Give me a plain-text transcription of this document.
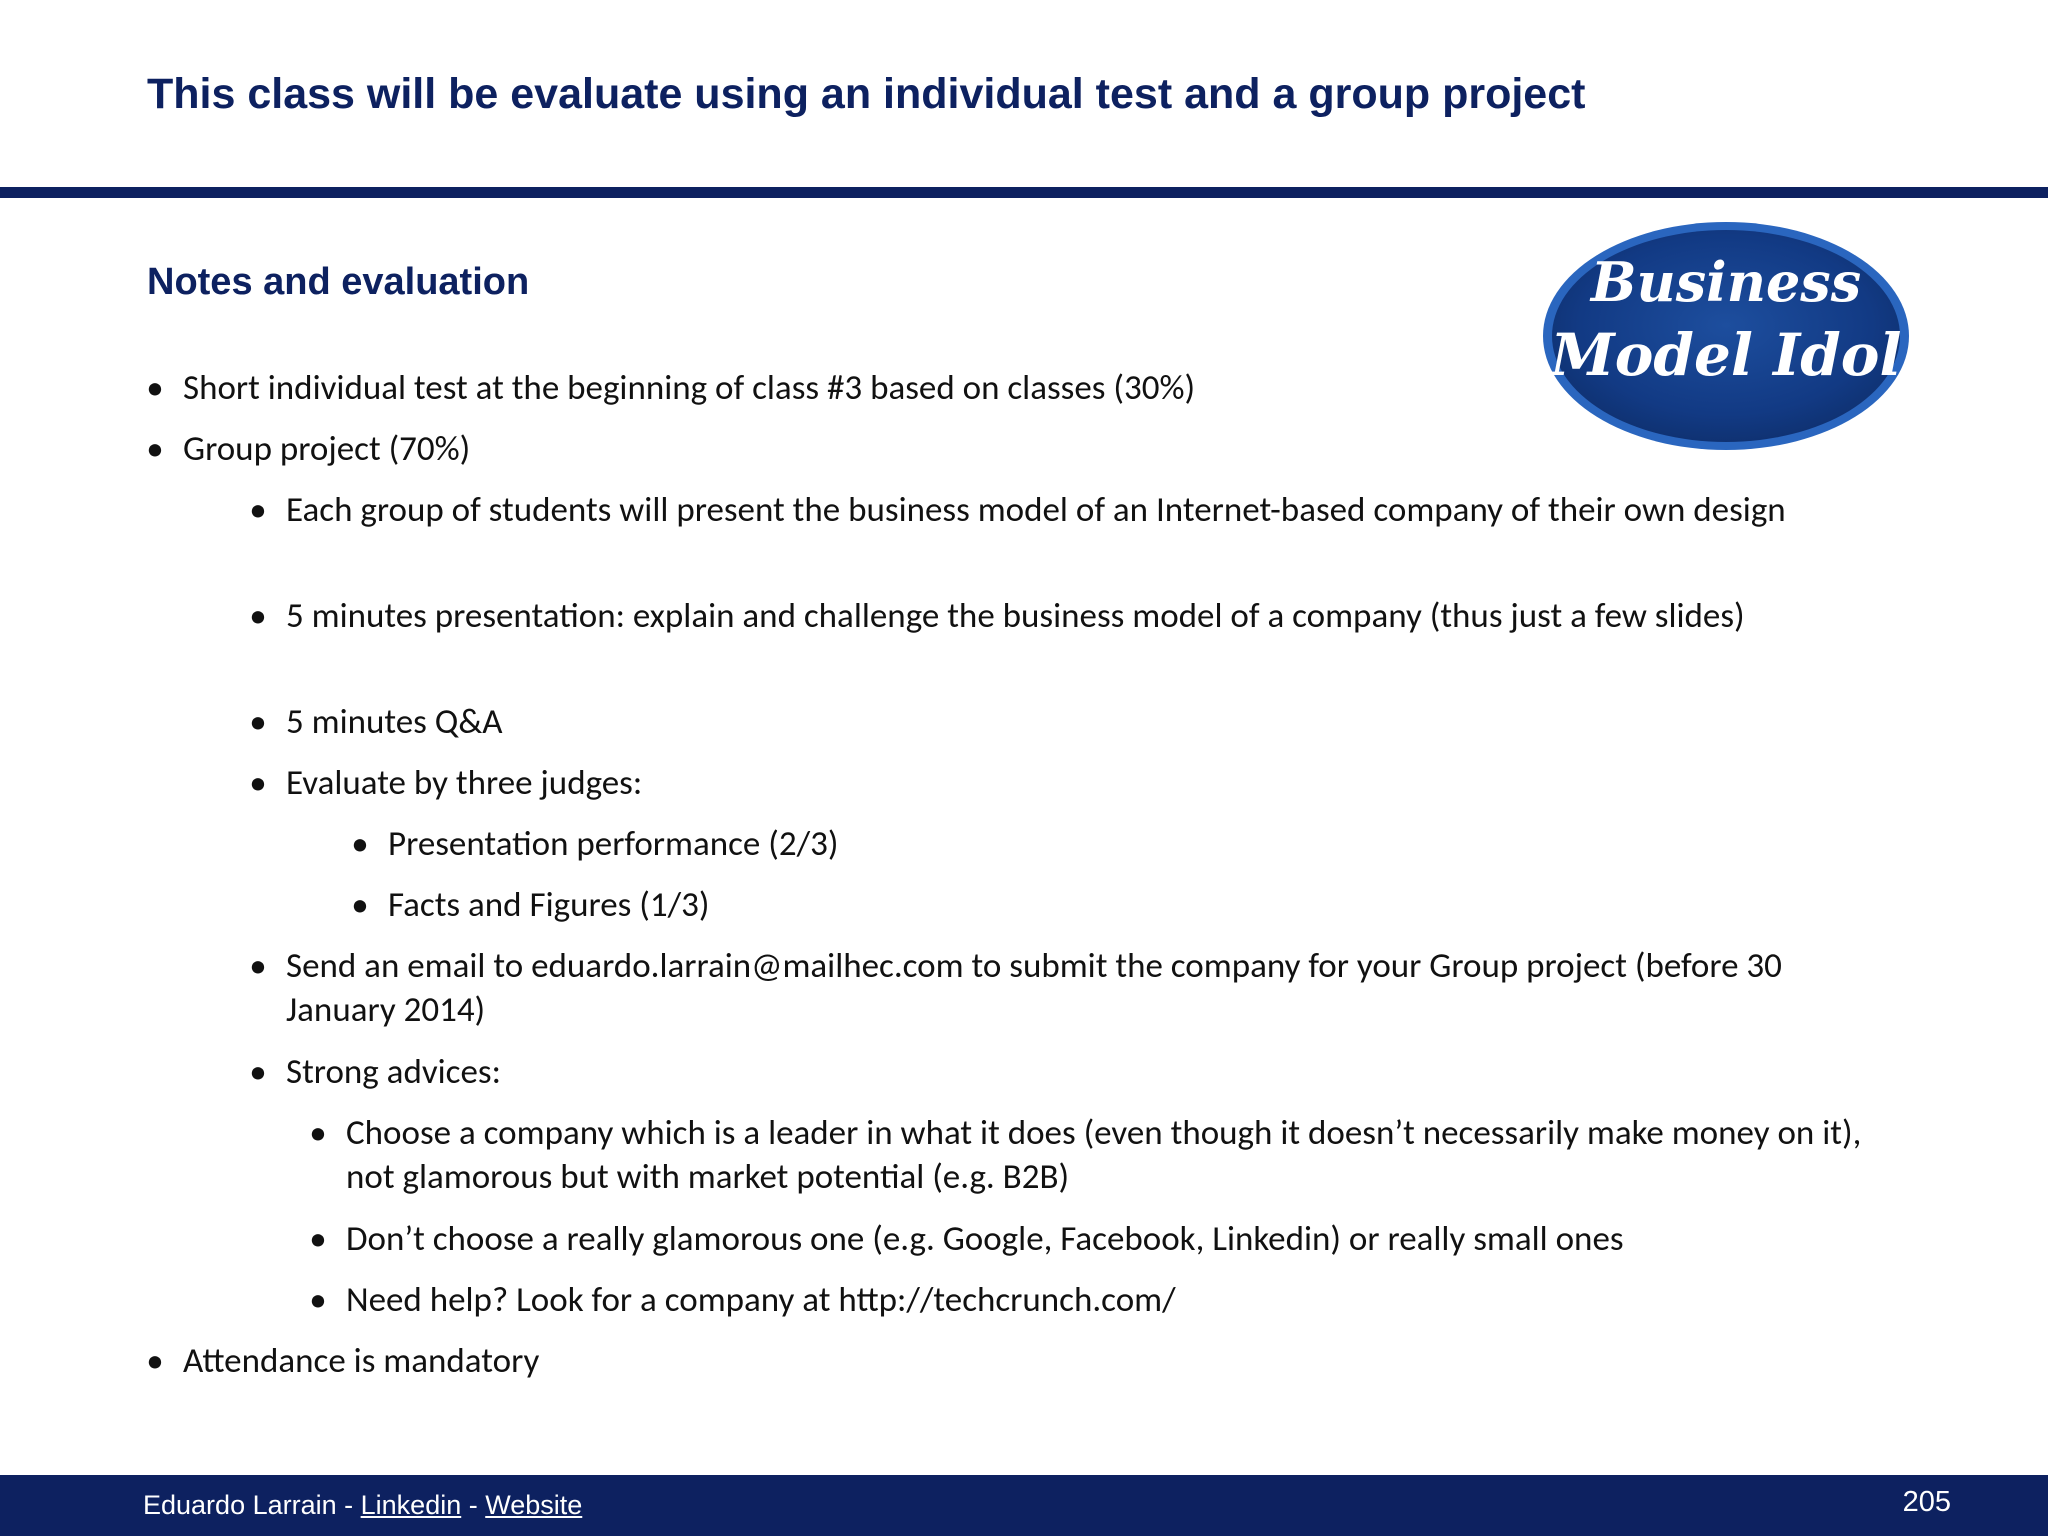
This class will be evaluate using an individual test and a group project
Notes and evaluation	Business
Model Idol
• Short individual test at the beginning of class #3 based on classes (30%)
• Group project (70%)
• Each group of students will present the business model of an Internet-based company of their own design
• 5 minutes presentation: explain and challenge the business model of a company (thus just a few slides)
• 5 minutes Q&A
• Evaluate by three judges:
• Presentation performance (2/3)
• Facts and Figures (1/3)
• Send an email to eduardo.larrain@mailhec.com to submit the company for your Group project (before 30 January 2014)
• Strong advices:
• Choose a company which is a leader in what it does (even though it doesn’t necessarily make money on it), not glamorous but with market potential (e.g. B2B)
• Don’t choose a really glamorous one (e.g. Google, Facebook, Linkedin) or really small ones
• Need help? Look for a company at http://techcrunch.com/
• Attendance is mandatory
Eduardo Larrain - Linkedin - Website	205
